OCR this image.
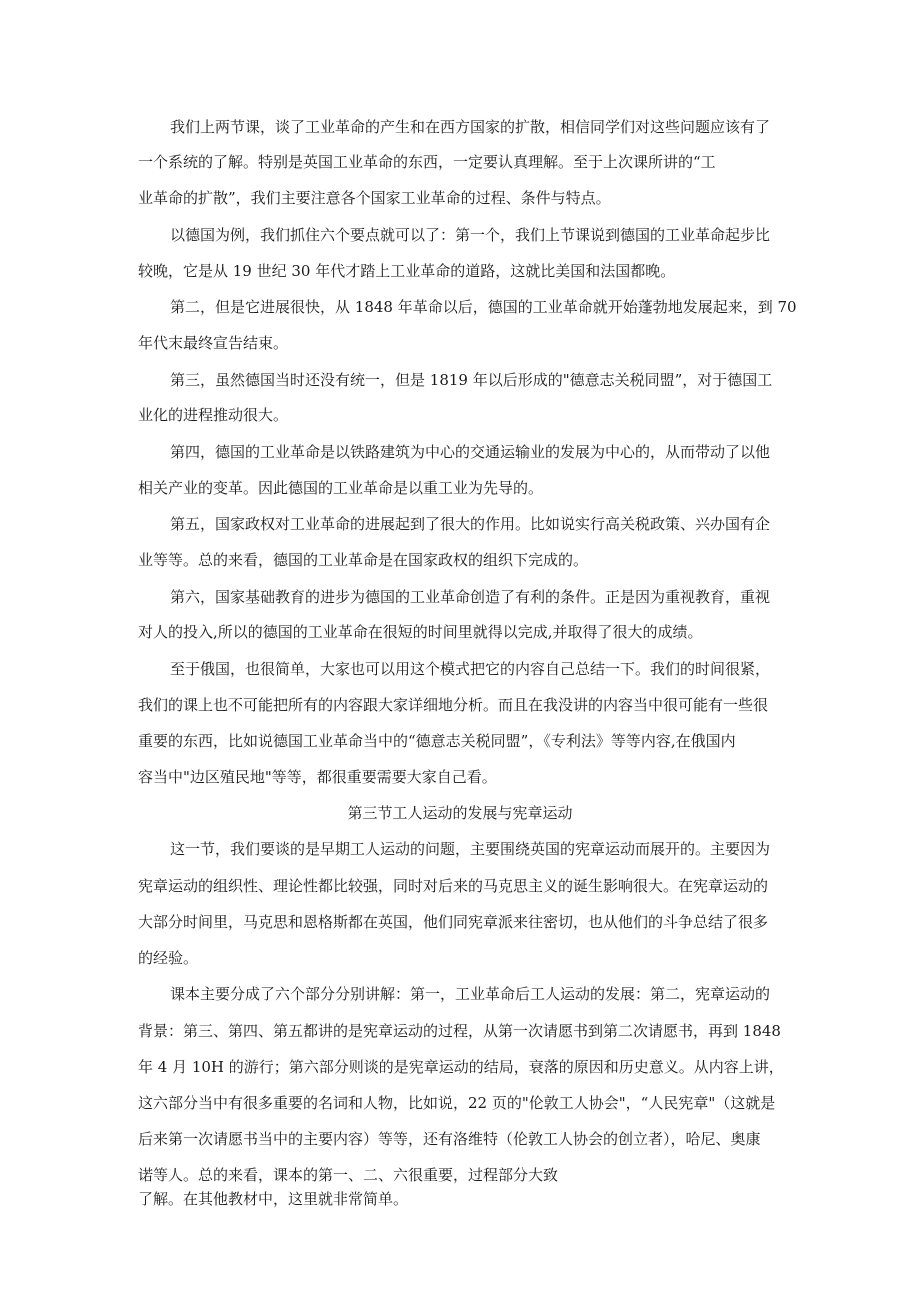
我们上两节课，谈了工业革命的产生和在西方国家的扩散，相信同学们对这些问题应该有了
一个系统的了解。特别是英国工业革命的东西，一定要认真理解。至于上次课所讲的“工
业革命的扩散”，我们主要注意各个国家工业革命的过程、条件与特点。
以德国为例，我们抓住六个要点就可以了：第一个，我们上节课说到德国的工业革命起步比
较晚，它是从 19 世纪 30 年代才踏上工业革命的道路，这就比美国和法国都晚。
第二，但是它进展很快，从 1848 年革命以后，德国的工业革命就开始蓬勃地发展起来，到 70
年代末最终宣告结束。
第三，虽然德国当时还没有统一，但是 1819 年以后形成的"德意志关税同盟”，对于德国工
业化的进程推动很大。
第四，德国的工业革命是以铁路建筑为中心的交通运输业的发展为中心的，从而带动了以他
相关产业的变革。因此德国的工业革命是以重工业为先导的。
第五，国家政权对工业革命的进展起到了很大的作用。比如说实行高关税政策、兴办国有企
业等等。总的来看，德国的工业革命是在国家政权的组织下完成的。
第六，国家基础教育的进步为德国的工业革命创造了有利的条件。正是因为重视教育，重视
对人的投入,所以的德国的工业革命在很短的时间里就得以完成,并取得了很大的成绩。
至于俄国，也很简单，大家也可以用这个模式把它的内容自己总结一下。我们的时间很紧，
我们的课上也不可能把所有的内容跟大家详细地分析。而且在我没讲的内容当中很可能有一些很
重要的东西，比如说德国工业革命当中的“德意志关税同盟”，《专利法》等等内容,在俄国内
容当中"边区殖民地"等等，都很重要需要大家自己看。
第三节工人运动的发展与宪章运动
这一节，我们要谈的是早期工人运动的问题，主要围绕英国的宪章运动而展开的。主要因为
宪章运动的组织性、理论性都比较强，同时对后来的马克思主义的诞生影响很大。在宪章运动的
大部分时间里，马克思和恩格斯都在英国，他们同宪章派来往密切，也从他们的斗争总结了很多
的经验。
课本主要分成了六个部分分别讲解：第一，工业革命后工人运动的发展：第二，宪章运动的
背景：第三、第四、第五都讲的是宪章运动的过程，从第一次请愿书到第二次请愿书，再到 1848
年 4 月 10H 的游行；第六部分则谈的是宪章运动的结局，衰落的原因和历史意义。从内容上讲，
这六部分当中有很多重要的名词和人物，比如说，22 页的"伦敦工人协会"，“人民宪章"（这就是
后来第一次请愿书当中的主要内容）等等，还有洛维特（伦敦工人协会的创立者），哈尼、奥康
诺等人。总的来看，课本的第一、二、六很重要，过程部分大致
了解。在其他教材中，这里就非常简单。
